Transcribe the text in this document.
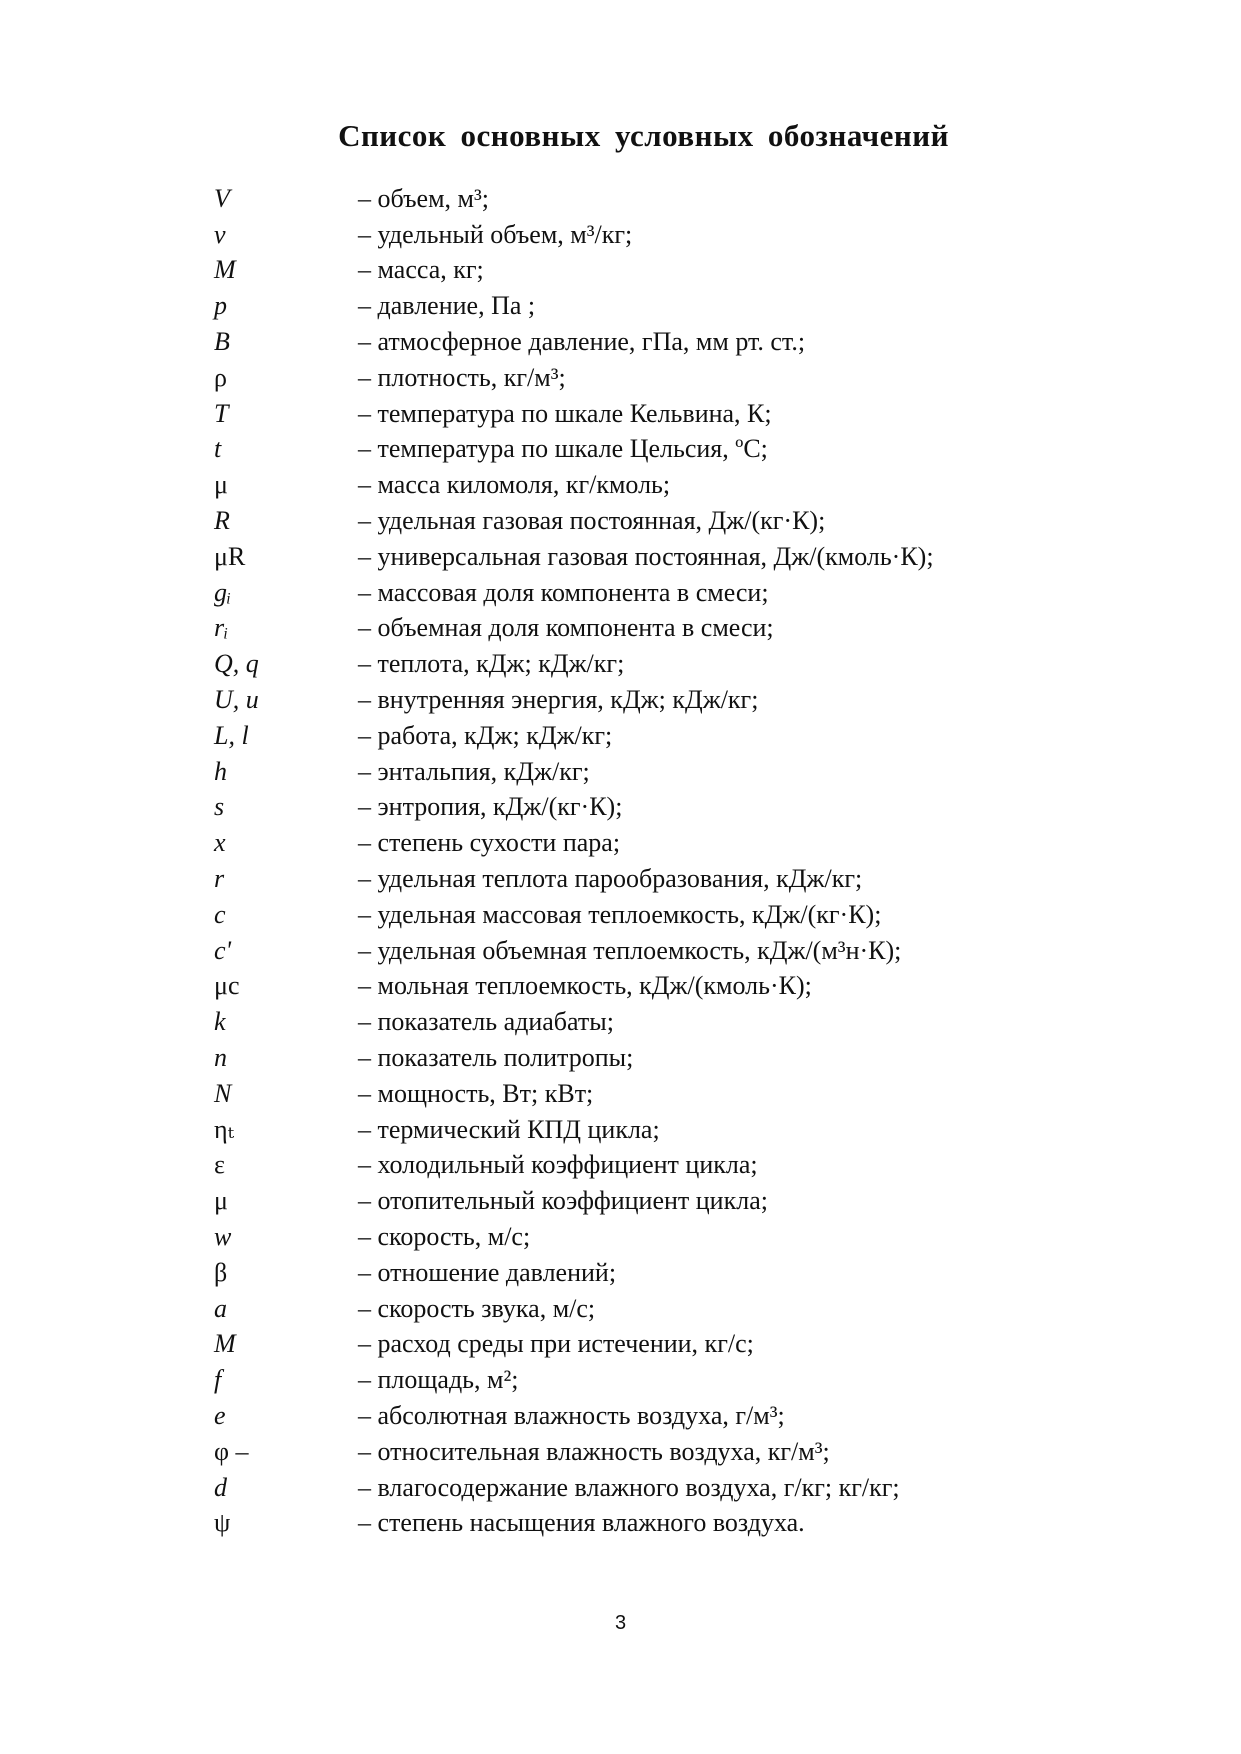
Список основных условных обозначений
V	– объем, м³;
v	– удельный объем, м³/кг;
M	– масса, кг;
p	– давление, Па ;
B	– атмосферное давление, гПа, мм рт. ст.;
ρ	– плотность, кг/м³;
T	– температура по шкале Кельвина, К;
t	– температура по шкале Цельсия, ºС;
μ	– масса киломоля, кг/кмоль;
R	– удельная газовая постоянная, Дж/(кг·К);
μR	– универсальная газовая постоянная, Дж/(кмоль·К);
gᵢ	– массовая доля компонента в смеси;
rᵢ	– объемная доля компонента в смеси;
Q, q	– теплота, кДж; кДж/кг;
U, u	– внутренняя энергия, кДж; кДж/кг;
L, l	– работа, кДж; кДж/кг;
h	– энтальпия, кДж/кг;
s	– энтропия, кДж/(кг·К);
x	– степень сухости пара;
r	– удельная теплота парообразования, кДж/кг;
c	– удельная массовая теплоемкость, кДж/(кг·К);
c'	– удельная объемная теплоемкость, кДж/(м³н·К);
μc	– мольная теплоемкость, кДж/(кмоль·К);
k	– показатель адиабаты;
n	– показатель политропы;
N	– мощность, Вт; кВт;
ηₜ	– термический КПД цикла;
ε	– холодильный коэффициент цикла;
μ	– отопительный коэффициент цикла;
w	– скорость, м/с;
β	– отношение давлений;
a	– скорость звука, м/с;
M	– расход среды при истечении, кг/с;
f	– площадь, м²;
e	– абсолютная влажность воздуха, г/м³;
φ –	– относительная влажность воздуха, кг/м³;
d	– влагосодержание влажного воздуха, г/кг; кг/кг;
ψ	– степень насыщения влажного воздуха.
3
